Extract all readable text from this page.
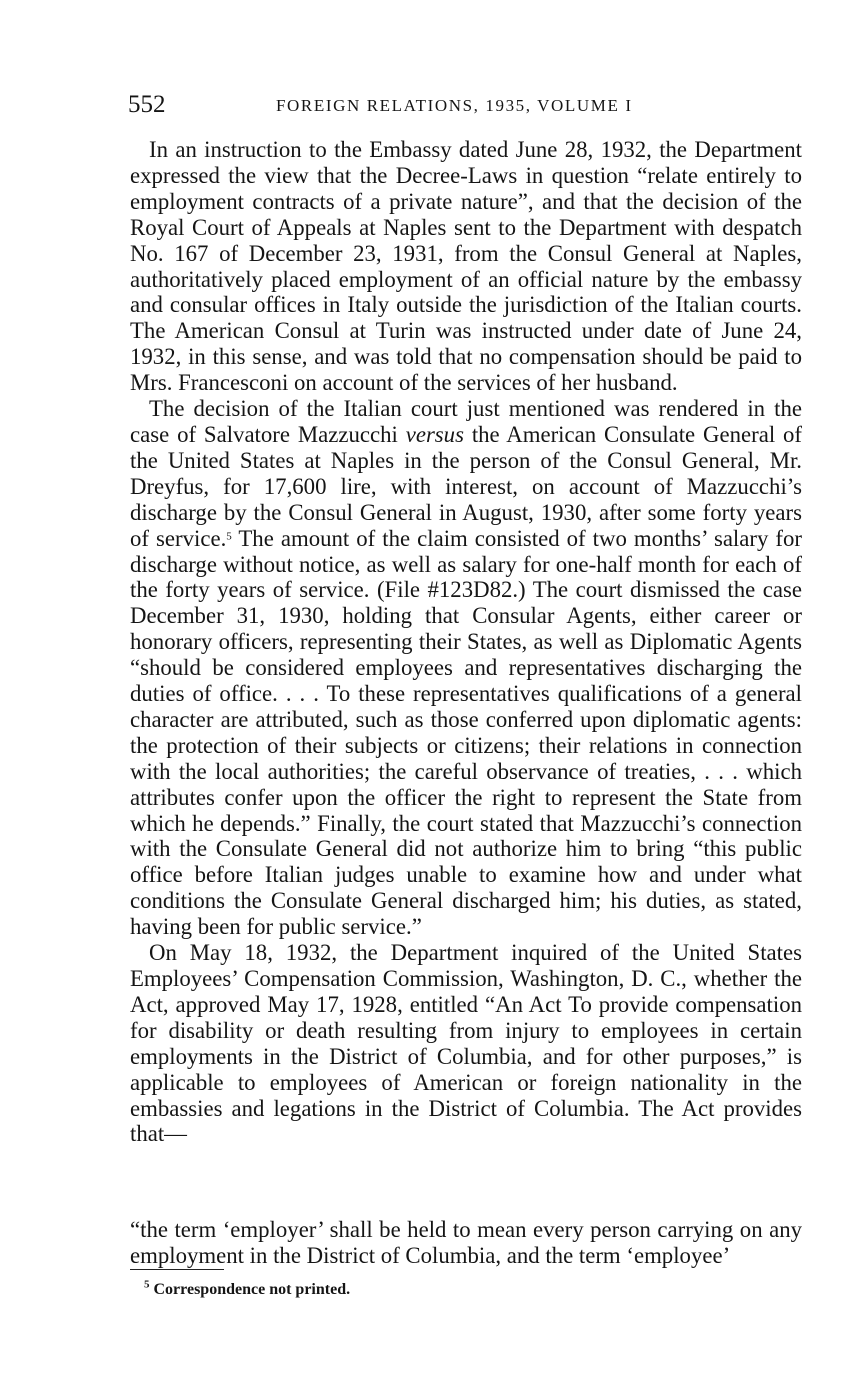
552	FOREIGN RELATIONS, 1935, VOLUME I

In an instruction to the Embassy dated June 28, 1932, the Department expressed the view that the Decree-Laws in question “relate entirely to employment contracts of a private nature”, and that the decision of the Royal Court of Appeals at Naples sent to the Department with despatch No. 167 of December 23, 1931, from the Consul General at Naples, authoritatively placed employment of an official nature by the embassy and consular offices in Italy outside the jurisdiction of the Italian courts. The American Consul at Turin was instructed under date of June 24, 1932, in this sense, and was told that no compensation should be paid to Mrs. Francesconi on account of the services of her husband.

The decision of the Italian court just mentioned was rendered in the case of Salvatore Mazzucchi versus the American Consulate General of the United States at Naples in the person of the Consul General, Mr. Dreyfus, for 17,600 lire, with interest, on account of Mazzucchi’s discharge by the Consul General in August, 1930, after some forty years of service.$^5$ The amount of the claim consisted of two months’ salary for discharge without notice, as well as salary for one-half month for each of the forty years of service. (File #123D82.) The court dismissed the case December 31, 1930, holding that Consular Agents, either career or honorary officers, representing their States, as well as Diplomatic Agents “should be considered employees and representatives discharging the duties of office. . . . To these representatives qualifications of a general character are attributed, such as those conferred upon diplomatic agents: the protection of their subjects or citizens; their relations in connection with the local authorities; the careful observance of treaties, . . . which attributes confer upon the officer the right to represent the State from which he depends.” Finally, the court stated that Mazzucchi’s connection with the Consulate General did not authorize him to bring “this public office before Italian judges unable to examine how and under what conditions the Consulate General discharged him; his duties, as stated, having been for public service.”

On May 18, 1932, the Department inquired of the United States Employees’ Compensation Commission, Washington, D. C., whether the Act, approved May 17, 1928, entitled “An Act To provide compensation for disability or death resulting from injury to employees in certain employments in the District of Columbia, and for other purposes,” is applicable to employees of American or foreign nationality in the embassies and legations in the District of Columbia. The Act provides that—

“the term ‘employer’ shall be held to mean every person carrying on any employment in the District of Columbia, and the term ‘employee’

$^5$ Correspondence not printed.
